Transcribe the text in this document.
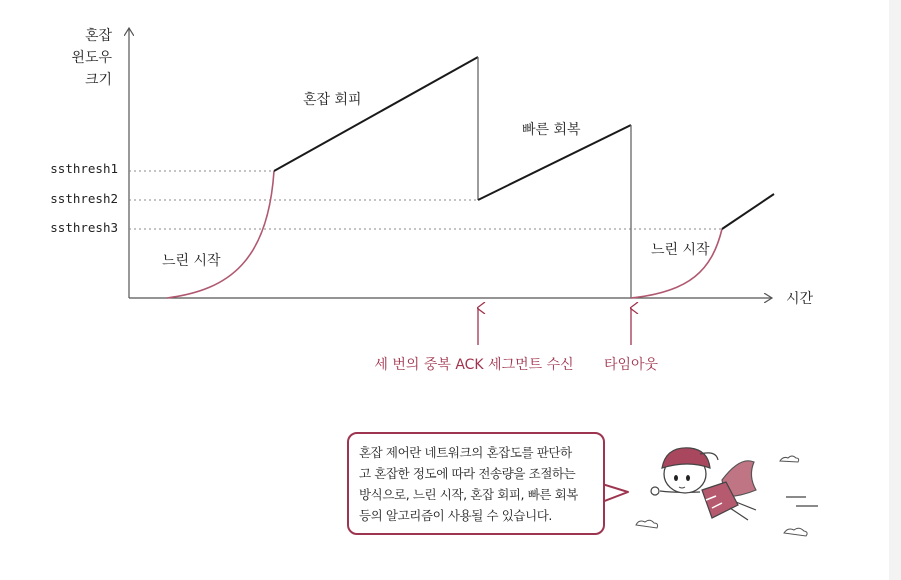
혼잡
윈도우
크기
시간
ssthresh1
ssthresh2
ssthresh3
느린 시작
혼잡 회피
빠른 회복
느린 시작
세 번의 중복 ACK 세그먼트 수신 타임아웃
혼잡 제어란 네트워크의 혼잡도를 판단하
고 혼잡한 정도에 따라 전송량을 조절하는
방식으로, 느린 시작, 혼잡 회피, 빠른 회복
등의 알고리즘이 사용될 수 있습니다.
